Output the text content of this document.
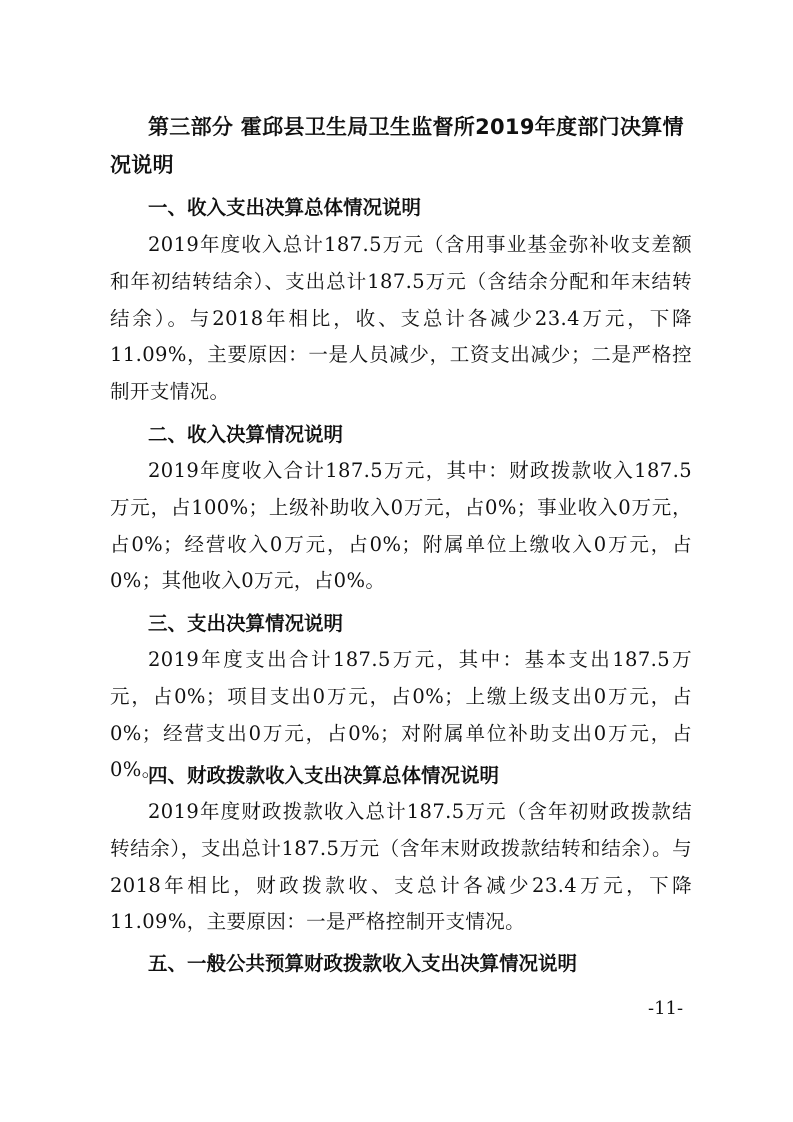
第三部分 霍邱县卫生局卫生监督所2019年度部门决算情况说明
一、收入支出决算总体情况说明

2019年度收入总计187.5万元（含用事业基金弥补收支差额和年初结转结余）、支出总计187.5万元（含结余分配和年末结转结余）。与2018年相比，收、支总计各减少23.4万元，下降11.09%，主要原因：一是人员减少，工资支出减少；二是严格控制开支情况。

二、收入决算情况说明

2019年度收入合计187.5万元，其中：财政拨款收入187.5万元，占100%；上级补助收入0万元，占0%；事业收入0万元，占0%；经营收入0万元，占0%；附属单位上缴收入0万元，占0%；其他收入0万元，占0%。

三、支出决算情况说明

2019年度支出合计187.5万元，其中：基本支出187.5万元，占0%；项目支出0万元，占0%；上缴上级支出0万元，占0%；经营支出0万元，占0%；对附属单位补助支出0万元，占0%。

四、财政拨款收入支出决算总体情况说明

2019年度财政拨款收入总计187.5万元（含年初财政拨款结转结余），支出总计187.5万元（含年末财政拨款结转和结余）。与2018年相比，财政拨款收、支总计各减少23.4万元，下降11.09%，主要原因：一是严格控制开支情况。

五、一般公共预算财政拨款收入支出决算情况说明
-11-
